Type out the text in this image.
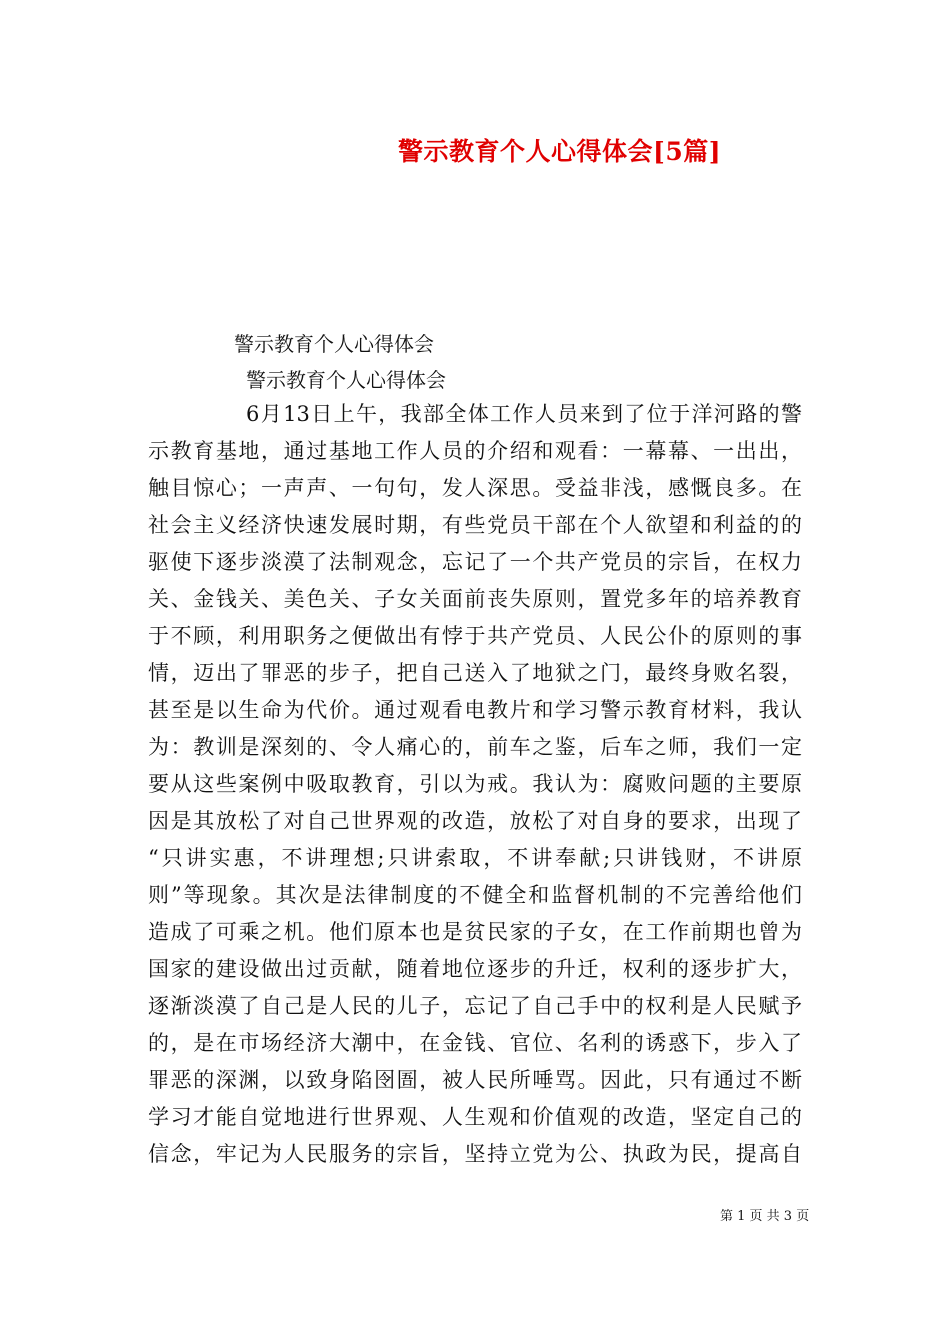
警示教育个人心得体会[5篇]
警示教育个人心得体会
警示教育个人心得体会
6月13日上午，我部全体工作人员来到了位于洋河路的警
示教育基地，通过基地工作人员的介绍和观看：一幕幕、一出出，
触目惊心；一声声、一句句，发人深思。受益非浅，感慨良多。在
社会主义经济快速发展时期，有些党员干部在个人欲望和利益的的
驱使下逐步淡漠了法制观念，忘记了一个共产党员的宗旨，在权力
关、金钱关、美色关、子女关面前丧失原则，置党多年的培养教育
于不顾，利用职务之便做出有悖于共产党员、人民公仆的原则的事
情，迈出了罪恶的步子，把自己送入了地狱之门，最终身败名裂，
甚至是以生命为代价。通过观看电教片和学习警示教育材料，我认
为：教训是深刻的、令人痛心的，前车之鉴，后车之师，我们一定
要从这些案例中吸取教育，引以为戒。我认为：腐败问题的主要原
因是其放松了对自己世界观的改造，放松了对自身的要求，出现了
“只讲实惠，不讲理想;只讲索取，不讲奉献;只讲钱财，不讲原
则”等现象。其次是法律制度的不健全和监督机制的不完善给他们
造成了可乘之机。他们原本也是贫民家的子女，在工作前期也曾为
国家的建设做出过贡献，随着地位逐步的升迁，权利的逐步扩大，
逐渐淡漠了自己是人民的儿子，忘记了自己手中的权利是人民赋予
的，是在市场经济大潮中，在金钱、官位、名利的诱惑下，步入了
罪恶的深渊，以致身陷囹圄，被人民所唾骂。因此，只有通过不断
学习才能自觉地进行世界观、人生观和价值观的改造，坚定自己的
信念，牢记为人民服务的宗旨，坚持立党为公、执政为民，提高自
第 1 页 共 3 页
